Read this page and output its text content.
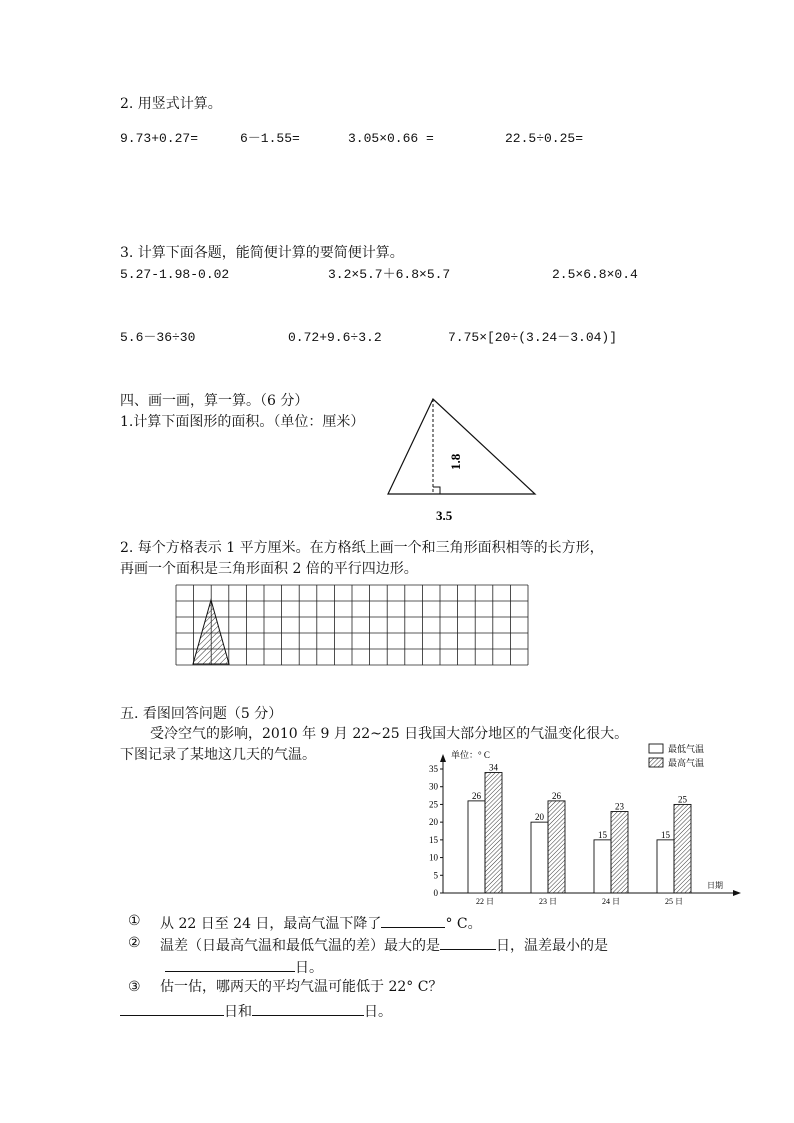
2. 用竖式计算。
9.73+0.27=	6－1.55=	3.05×0.66 =	22.5÷0.25=
3. 计算下面各题，能简便计算的要简便计算。
5.27-1.98-0.02	3.2×5.7＋6.8×5.7	2.5×6.8×0.4
5.6－36÷30	0.72+9.6÷3.2	7.75×[20÷(3.24－3.04)]
四、画一画，算一算。（6 分）
1.计算下面图形的面积。（单位：厘米）
1.8
3.5
2. 每个方格表示 1 平方厘米。在方格纸上画一个和三角形面积相等的长方形，
再画一个面积是三角形面积 2 倍的平行四边形。
五. 看图回答问题（5 分）
受冷空气的影响，2010 年 9 月 22~25 日我国大部分地区的气温变化很大。
下图记录了某地这几天的气温。
0
5
10
15
20
25
30
35
单位：° C
日期
26
34
22 日
20
26
23 日
15
23
24 日
15
25
25 日
最低气温
最高气温
① 从 22 日至 24 日，最高气温下降了	° C。
② 温差（日最高气温和最低气温的差）最大的是	日，温差最小的是
日。
③ 估一估，哪两天的平均气温可能低于 22° C？
日和	日。
